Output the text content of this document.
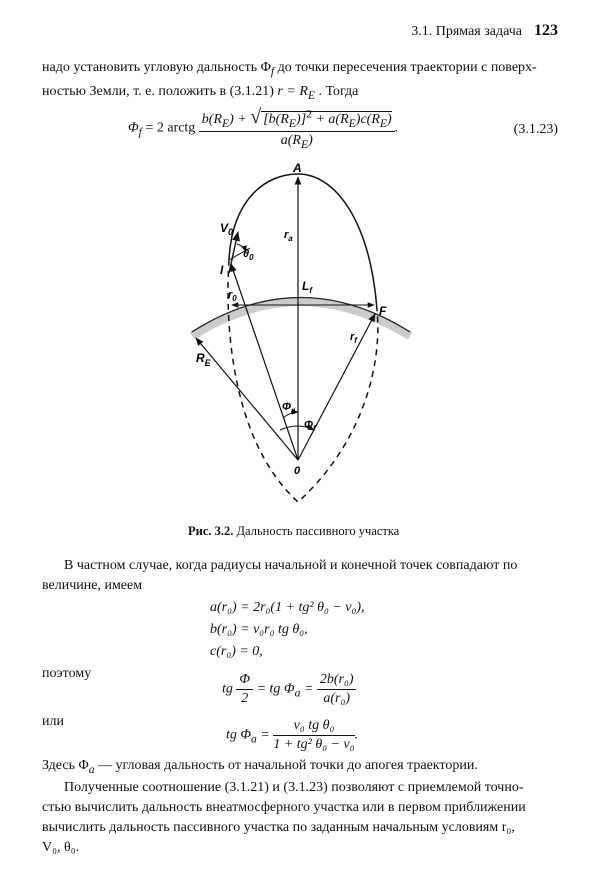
3.1. Прямая задача 123
надо установить угловую дальность $\Phi_f$ до точки пересечения траектории с поверх-
ностью Земли, т. е. положить в (3.1.21) $r = R_E$ . Тогда
$\Phi_f = 2$ arctg $\frac{b(R_E) + √ [b(R_E)]^2 + a(R_E)c(R_E)}{a(R_E)}$ .	(3.1.23)
A
$V_0$
$\theta_0$
$r_a$
I
$L_f$
$r_0$
F
$r_f$
$R_E$
$\Phi_a$
$\Phi_f$
0
Рис. 3.2. Дальность пассивного участка
В частном случае, когда радиусы начальной и конечной точек совпадают по
величине, имеем
a(r₀) = 2r₀(1 + tg² θ₀ − ν₀),
b(r₀) = ν₀r₀ tg θ₀,
c(r₀) = 0,
поэтому
tg $\frac{\Phi}{2}$ = tg $\Phi_a = \frac{\text{2b(r₀)}}{\text{a(r₀)}}$
или
tg $\Phi_a = \frac{\text{ν₀ tg θ₀}}{\text{1 + tg² θ₀ − ν₀}}$ .
Здесь $\Phi_a$ — угловая дальность от начальной точки до апогея траектории.
Полученные соотношение (3.1.21) и (3.1.23) позволяют с приемлемой точно-
стью вычислить дальность внеатмосферного участка или в первом приближении
вычислить дальность пассивного участка по заданным начальным условиям r₀,
V₀, θ₀.
